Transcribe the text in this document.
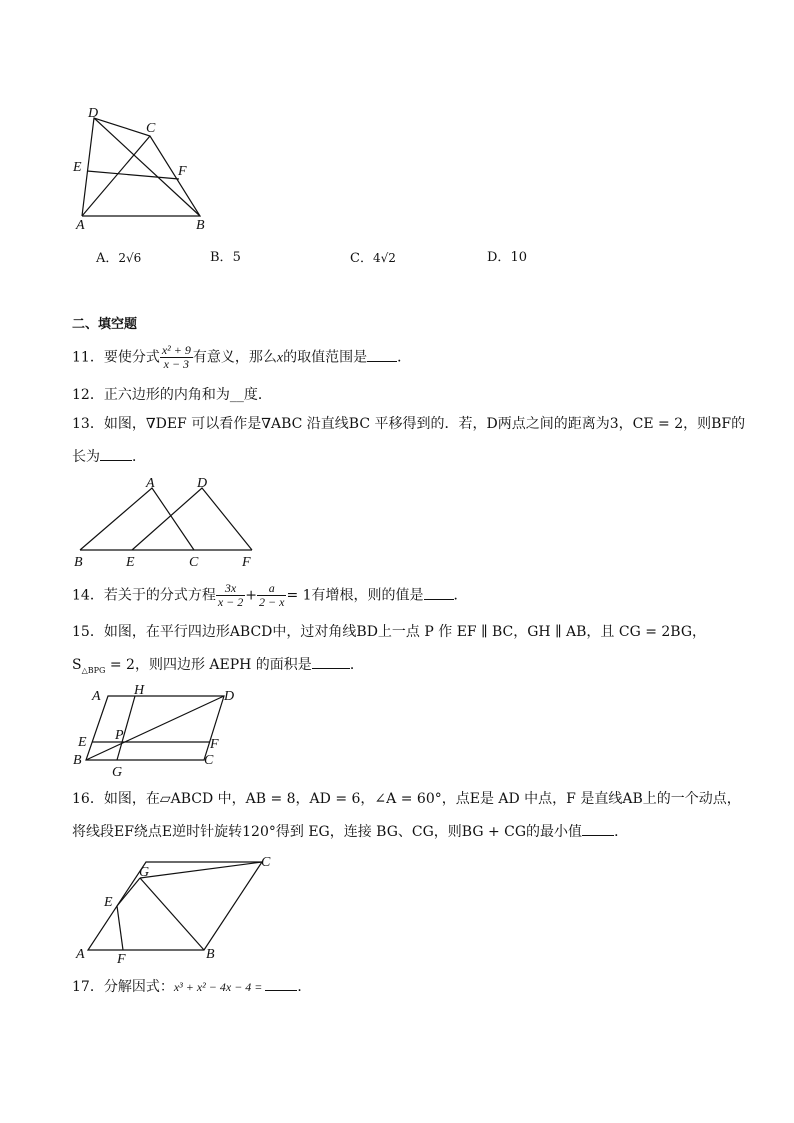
D
C
E	F
A	B
A．2√6	B．5	C．4√2	D．10
二、填空题
11．要使分式 $\frac{\text{x² + 9}}{x - 3}$ 有意义，那么x的取值范围是 ．
12．正六边形的内角和为__度．
13．如图，∇DEF 可以看作是∇ABC 沿直线BC 平移得到的．若，D两点之间的距离为3，CE = 2，则BF的
长为 ．
A	D
B	E	C	F
14．若关于的分式方程 $\frac{3x}{x - 2} + \frac{a}{2 - x} = 1$有增根，则的值是 ．
15．如图，在平行四边形ABCD中，过对角线BD上一点 P 作 EF ∥ BC，GH ∥ AB，且 CG = 2BG，
$S_{\triangle BPG} = 2$，则四边形 AEPH 的面积是	．
A H	D
P
E	F
B
G
C
16．如图，在▱ABCD 中，AB = 8，AD = 6，∠A = 60°，点E是 AD 中点，F 是直线AB上的一个动点，
将线段EF绕点E逆时针旋转120°得到 EG，连接 BG、CG，则BG + CG的最小值 ．
G
C
E
A F	B
17．分解因式：x³ + x² − 4x − 4 =	．
